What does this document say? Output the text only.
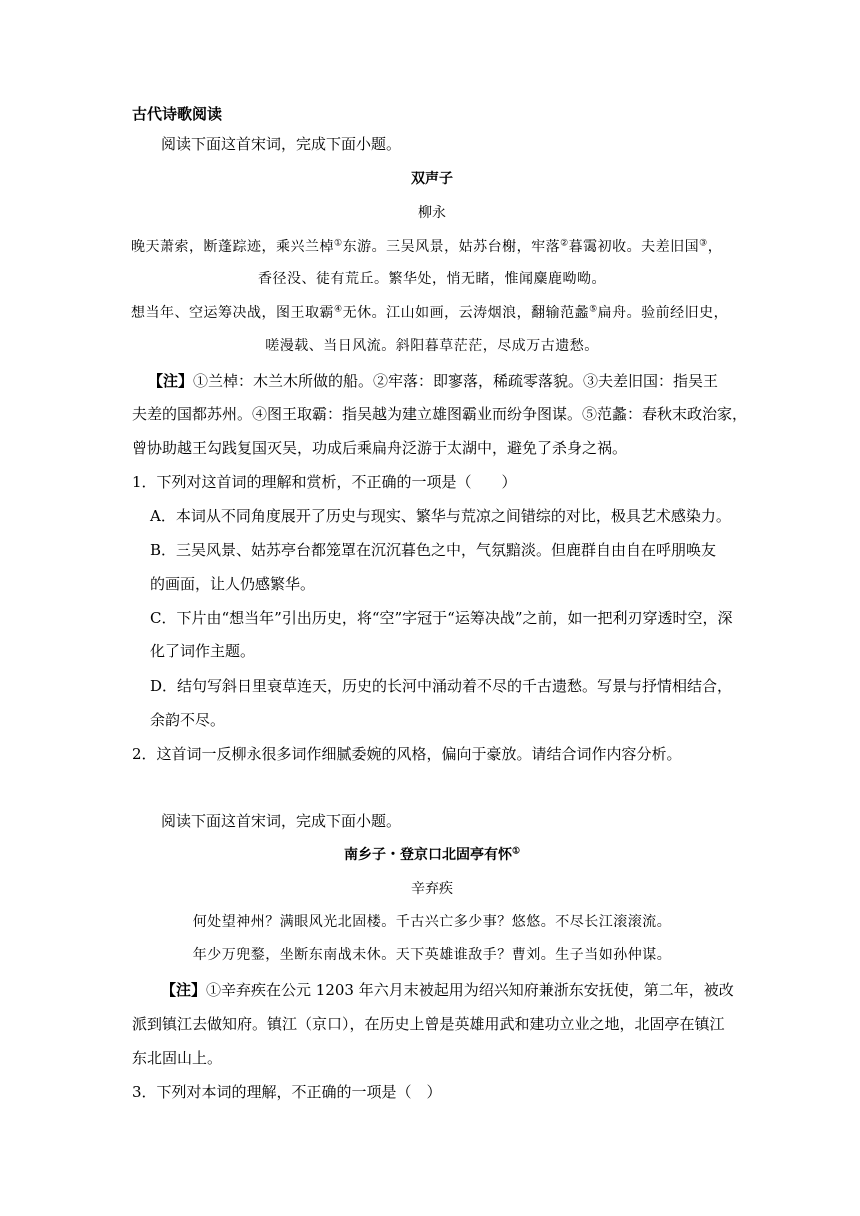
古代诗歌阅读
阅读下面这首宋词，完成下面小题。
双声子
柳永
晚天萧索，断蓬踪迹，乘兴兰棹①东游。三吴风景，姑苏台榭，牢落②暮霭初收。夫差旧国③，
香径没、徒有荒丘。繁华处，悄无睹，惟闻麋鹿呦呦。
想当年、空运筹决战，图王取霸④无休。江山如画，云涛烟浪，翻输范蠡⑤扁舟。验前经旧史，
嗟漫载、当日风流。斜阳暮草茫茫，尽成万古遗愁。
【注】①兰棹：木兰木所做的船。②牢落：即寥落，稀疏零落貌。③夫差旧国：指吴王
夫差的国都苏州。④图王取霸：指吴越为建立雄图霸业而纷争图谋。⑤范蠡：春秋末政治家，
曾协助越王勾践复国灭吴，功成后乘扁舟泛游于太湖中，避免了杀身之祸。
1．下列对这首词的理解和赏析，不正确的一项是（　　）
A．本词从不同角度展开了历史与现实、繁华与荒凉之间错综的对比，极具艺术感染力。
B．三吴风景、姑苏亭台都笼罩在沉沉暮色之中，气氛黯淡。但鹿群自由自在呼朋唤友
的画面，让人仍感繁华。
C．下片由“想当年”引出历史，将“空”字冠于“运筹决战”之前，如一把利刃穿透时空，深
化了词作主题。
D．结句写斜日里衰草连天，历史的长河中涌动着不尽的千古遗愁。写景与抒情相结合，
余韵不尽。
2．这首词一反柳永很多词作细腻委婉的风格，偏向于豪放。请结合词作内容分析。
阅读下面这首宋词，完成下面小题。
南乡子・登京口北固亭有怀①
辛弃疾
何处望神州？满眼风光北固楼。千古兴亡多少事？悠悠。不尽长江滚滚流。
年少万兜鍪，坐断东南战未休。天下英雄谁敌手？曹刘。生子当如孙仲谋。
【注】①辛弃疾在公元 1203 年六月末被起用为绍兴知府兼浙东安抚使，第二年，被改
派到镇江去做知府。镇江（京口），在历史上曾是英雄用武和建功立业之地，北固亭在镇江
东北固山上。
3．下列对本词的理解，不正确的一项是（　）
